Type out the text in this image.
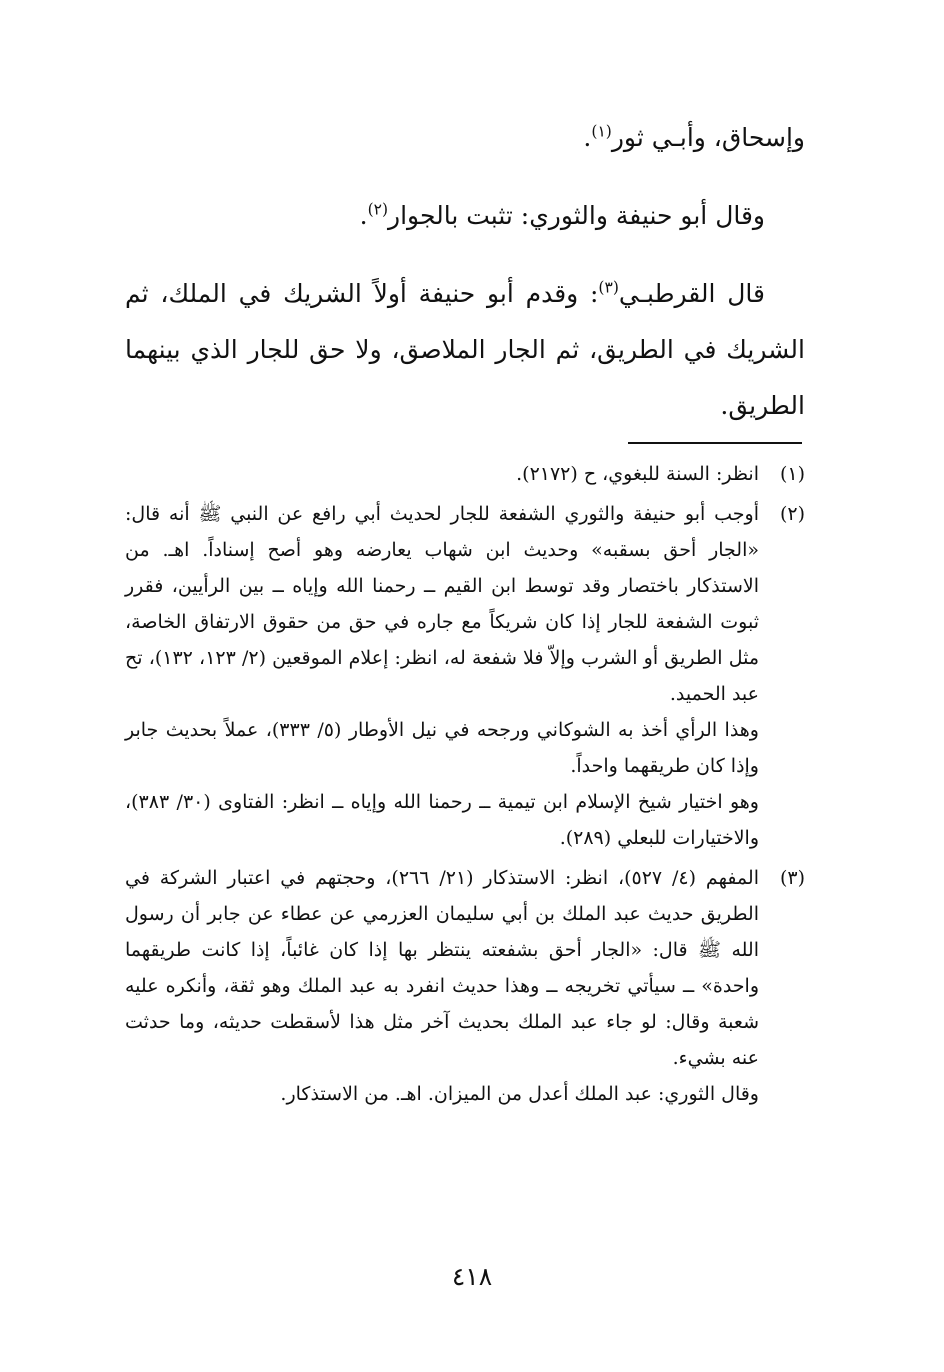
وإسحاق، وأبـي ثور$^{(١)}$.

وقال أبو حنيفة والثوري: تثبت بالجوار$^{(٢)}$.

قال القرطبـي$^{(٣)}$: وقدم أبو حنيفة أولاً الشريك في الملك، ثم الشريك في الطريق، ثم الجار الملاصق، ولا حق للجار الذي بينهما الطريق.

(١)

انظر: السنة للبغوي، ح (٢١٧٢).

(٢)

أوجب أبو حنيفة والثوري الشفعة للجار لحديث أبي رافع عن النبي ﷺ أنه قال: «الجار أحق بسقبه» وحديث ابن شهاب يعارضه وهو أصح إسناداً. اهـ. من الاستذكار باختصار وقد توسط ابن القيم ــ رحمنا الله وإياه ــ بين الرأيين، فقرر ثبوت الشفعة للجار إذا كان شريكاً مع جاره في حق من حقوق الارتفاق الخاصة، مثل الطريق أو الشرب وإلاّ فلا شفعة له، انظر: إعلام الموقعين (٢/ ١٢٣، ١٣٢)، تح عبد الحميد.

وهذا الرأي أخذ به الشوكاني ورجحه في نيل الأوطار (٥/ ٣٣٣)، عملاً بحديث جابر وإذا كان طريقهما واحداً.

وهو اختيار شيخ الإسلام ابن تيمية ــ رحمنا الله وإياه ــ انظر: الفتاوى (٣٠/ ٣٨٣)، والاختيارات للبعلي (٢٨٩).

(٣)

المفهم (٤/ ٥٢٧)، انظر: الاستذكار (٢١/ ٢٦٦)، وحجتهم في اعتبار الشركة في الطريق حديث عبد الملك بن أبي سليمان العزرمي عن عطاء عن جابر أن رسول الله ﷺ قال: «الجار أحق بشفعته ينتظر بها إذا كان غائباً، إذا كانت طريقهما واحدة» ــ سيأتي تخريجه ــ وهذا حديث انفرد به عبد الملك وهو ثقة، وأنكره عليه شعبة وقال: لو جاء عبد الملك بحديث آخر مثل هذا لأسقطت حديثه، وما حدثت عنه بشيء.

وقال الثوري: عبد الملك أعدل من الميزان. اهـ. من الاستذكار.

٤١٨
